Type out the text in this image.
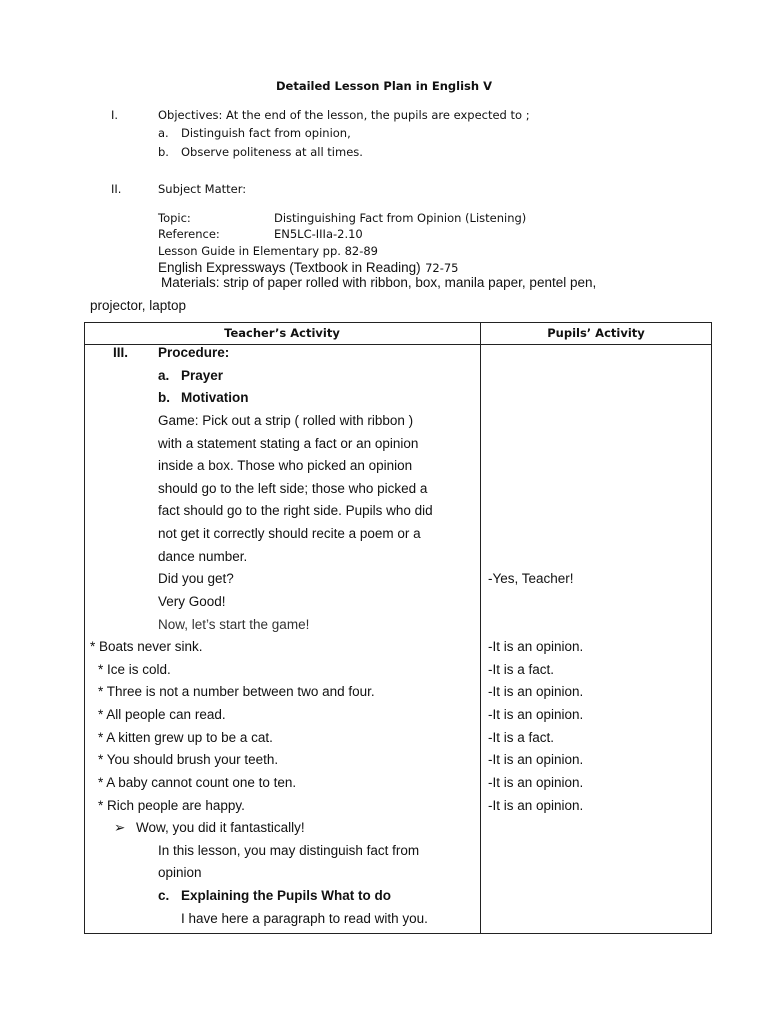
Detailed Lesson Plan in English V
I.	Objectives: At the end of the lesson, the pupils are expected to ;
a. Distinguish fact from opinion,
b. Observe politeness at all times.
II.	Subject Matter:
Topic:	Distinguishing Fact from Opinion (Listening)
Reference:	EN5LC-IIIa-2.10
Lesson Guide in Elementary pp. 82-89
English Expressways (Textbook in Reading) 72-75
Materials: strip of paper rolled with ribbon, box, manila paper, pentel pen,
projector, laptop
Teacher’s Activity	Pupils’ Activity
III. Procedure:
a. Prayer
b. Motivation
Game: Pick out a strip ( rolled with ribbon )
with a statement stating a fact or an opinion
inside a box. Those who picked an opinion
should go to the left side; those who picked a
fact should go to the right side. Pupils who did
not get it correctly should recite a poem or a
dance number.
Did you get?	-Yes, Teacher!
Very Good!
Now, let’s start the game!
* Boats never sink.	-It is an opinion.
* Ice is cold.	-It is a fact.
* Three is not a number between two and four.	-It is an opinion.
* All people can read.	-It is an opinion.
* A kitten grew up to be a cat.	-It is a fact.
* You should brush your teeth.	-It is an opinion.
* A baby cannot count one to ten.	-It is an opinion.
* Rich people are happy.	-It is an opinion.
➢ Wow, you did it fantastically!
In this lesson, you may distinguish fact from
opinion
c. Explaining the Pupils What to do
I have here a paragraph to read with you.
